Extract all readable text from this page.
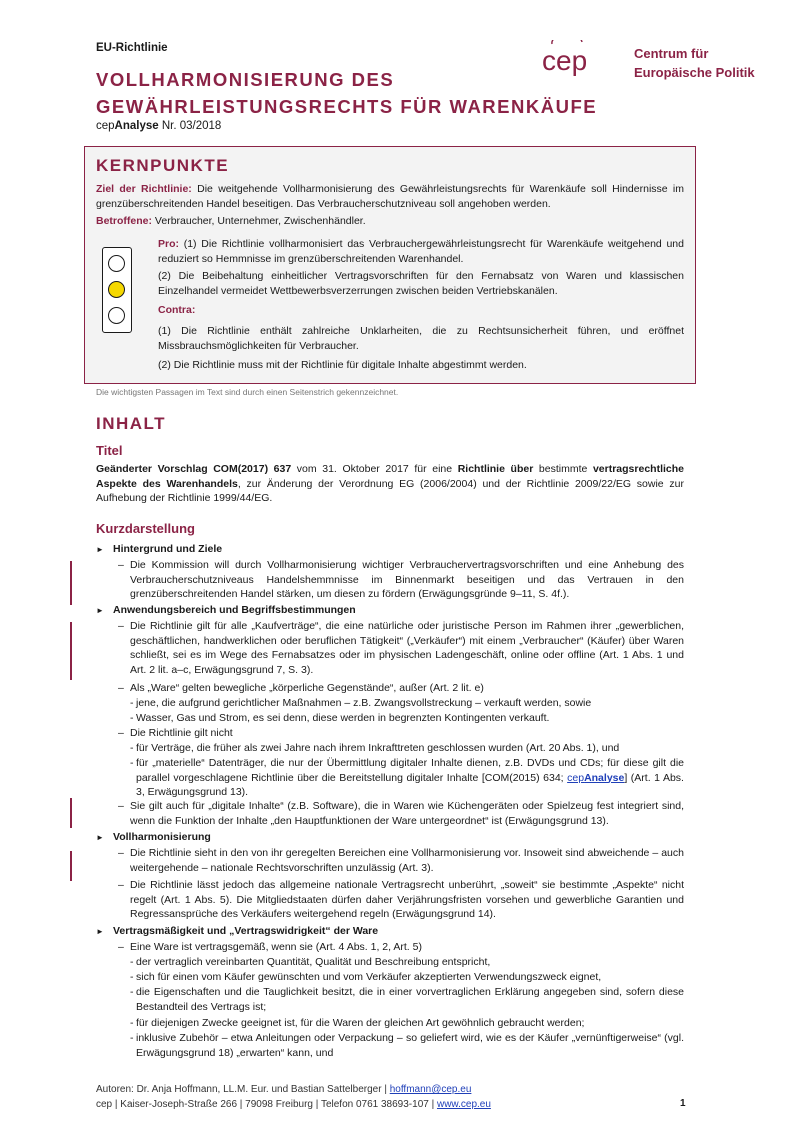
EU-Richtlinie
VOLLHARMONISIERUNG DES
GEWÄHRLEISTUNGSRECHTS FÜR WARENKÄUFE
cepAnalyse Nr. 03/2018
cep	Centrum für
Europäische Politik
KERNPUNKTE
Ziel der Richtlinie: Die weitgehende Vollharmonisierung des Gewährleistungsrechts für Warenkäufe soll Hindernisse im grenzüberschreitenden Handel beseitigen. Das Verbraucherschutzniveau soll angehoben werden.
Betroffene: Verbraucher, Unternehmer, Zwischenhändler.
Pro: (1) Die Richtlinie vollharmonisiert das Verbrauchergewährleistungsrecht für Warenkäufe weitgehend und reduziert so Hemmnisse im grenzüberschreitenden Warenhandel.
(2) Die Beibehaltung einheitlicher Vertragsvorschriften für den Fernabsatz von Waren und klassischen Einzelhandel vermeidet Wettbewerbsverzerrungen zwischen beiden Vertriebskanälen.
Contra:
(1) Die Richtlinie enthält zahlreiche Unklarheiten, die zu Rechtsunsicherheit führen, und eröffnet Missbrauchsmöglichkeiten für Verbraucher.
(2) Die Richtlinie muss mit der Richtlinie für digitale Inhalte abgestimmt werden.
Die wichtigsten Passagen im Text sind durch einen Seitenstrich gekennzeichnet.
INHALT
Titel
Geänderter Vorschlag COM(2017) 637 vom 31. Oktober 2017 für eine Richtlinie über bestimmte vertragsrechtliche Aspekte des Warenhandels, zur Änderung der Verordnung EG (2006/2004) und der Richtlinie 2009/22/EG sowie zur Aufhebung der Richtlinie 1999/44/EG.
Kurzdarstellung
► Hintergrund und Ziele
– Die Kommission will durch Vollharmonisierung wichtiger Verbrauchervertragsvorschriften und eine Anhebung des Verbraucherschutzniveaus Handelshemmnisse im Binnenmarkt beseitigen und das Vertrauen in den grenzüberschreitenden Handel stärken, um diesen zu fördern (Erwägungsgründe 9–11, S. 4f.).
► Anwendungsbereich und Begriffsbestimmungen
– Die Richtlinie gilt für alle „Kaufverträge“, die eine natürliche oder juristische Person im Rahmen ihrer „gewerblichen, geschäftlichen, handwerklichen oder beruflichen Tätigkeit“ („Verkäufer“) mit einem „Verbraucher“ (Käufer) über Waren schließt, sei es im Wege des Fernabsatzes oder im physischen Ladengeschäft, online oder offline (Art. 1 Abs. 1 und Art. 2 lit. a–c, Erwägungsgrund 7, S. 3).
– Als „Ware“ gelten bewegliche „körperliche Gegenstände“, außer (Art. 2 lit. e)
- jene, die aufgrund gerichtlicher Maßnahmen – z.B. Zwangsvollstreckung – verkauft werden, sowie
- Wasser, Gas und Strom, es sei denn, diese werden in begrenzten Kontingenten verkauft.
– Die Richtlinie gilt nicht
- für Verträge, die früher als zwei Jahre nach ihrem Inkrafttreten geschlossen wurden (Art. 20 Abs. 1), und
- für „materielle“ Datenträger, die nur der Übermittlung digitaler Inhalte dienen, z.B. DVDs und CDs; für diese gilt die parallel vorgeschlagene Richtlinie über die Bereitstellung digitaler Inhalte [COM(2015) 634; cepAnalyse] (Art. 1 Abs. 3, Erwägungsgrund 13).
– Sie gilt auch für „digitale Inhalte“ (z.B. Software), die in Waren wie Küchengeräten oder Spielzeug fest integriert sind, wenn die Funktion der Inhalte „den Hauptfunktionen der Ware untergeordnet“ ist (Erwägungsgrund 13).
► Vollharmonisierung
– Die Richtlinie sieht in den von ihr geregelten Bereichen eine Vollharmonisierung vor. Insoweit sind abweichende – auch weitergehende – nationale Rechtsvorschriften unzulässig (Art. 3).
– Die Richtlinie lässt jedoch das allgemeine nationale Vertragsrecht unberührt, „soweit“ sie bestimmte „Aspekte“ nicht regelt (Art. 1 Abs. 5). Die Mitgliedstaaten dürfen daher Verjährungsfristen vorsehen und gewerbliche Garantien und Regressansprüche des Verkäufers weitergehend regeln (Erwägungsgrund 14).
► Vertragsmäßigkeit und „Vertragswidrigkeit“ der Ware
– Eine Ware ist vertragsgemäß, wenn sie (Art. 4 Abs. 1, 2, Art. 5)
- der vertraglich vereinbarten Quantität, Qualität und Beschreibung entspricht,
- sich für einen vom Käufer gewünschten und vom Verkäufer akzeptierten Verwendungszweck eignet,
- die Eigenschaften und die Tauglichkeit besitzt, die in einer vorvertraglichen Erklärung angegeben sind, sofern diese Bestandteil des Vertrags ist;
- für diejenigen Zwecke geeignet ist, für die Waren der gleichen Art gewöhnlich gebraucht werden;
- inklusive Zubehör – etwa Anleitungen oder Verpackung – so geliefert wird, wie es der Käufer „vernünftigerweise“ (vgl. Erwägungsgrund 18) „erwarten“ kann, und
Autoren: Dr. Anja Hoffmann, LL.M. Eur. und Bastian Sattelberger | hoffmann@cep.eu
cep | Kaiser-Joseph-Straße 266 | 79098 Freiburg | Telefon 0761 38693-107 | www.cep.eu	1
